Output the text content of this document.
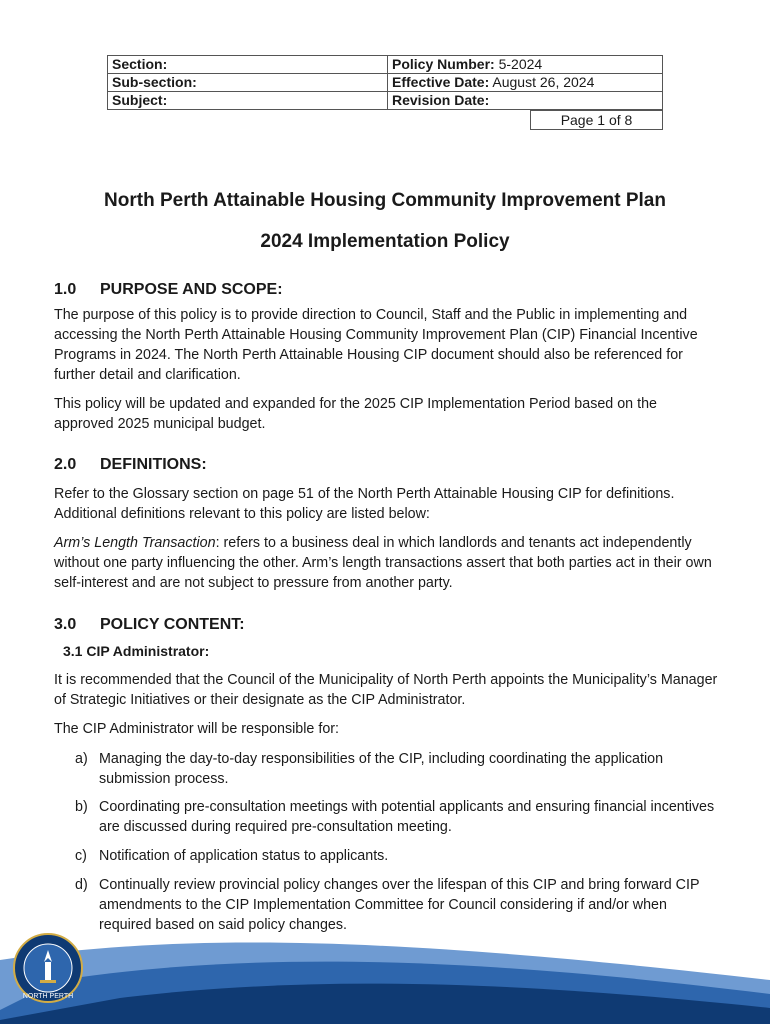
Section:	Policy Number: 5-2024
Sub-section:	Effective Date: August 26, 2024
Subject:	Revision Date:
Page 1 of 8
North Perth Attainable Housing Community Improvement Plan
2024 Implementation Policy
1.0 PURPOSE AND SCOPE:

The purpose of this policy is to provide direction to Council, Staff and the Public in implementing and accessing the North Perth Attainable Housing Community Improvement Plan (CIP) Financial Incentive Programs in 2024. The North Perth Attainable Housing CIP document should also be referenced for further detail and clarification.

This policy will be updated and expanded for the 2025 CIP Implementation Period based on the approved 2025 municipal budget.

2.0 DEFINITIONS:

Refer to the Glossary section on page 51 of the North Perth Attainable Housing CIP for definitions. Additional definitions relevant to this policy are listed below:

Arm’s Length Transaction: refers to a business deal in which landlords and tenants act independently without one party influencing the other. Arm’s length transactions assert that both parties act in their own self-interest and are not subject to pressure from another party.

3.0 POLICY CONTENT:
3.1 CIP Administrator:

It is recommended that the Council of the Municipality of North Perth appoints the Municipality’s Manager of Strategic Initiatives or their designate as the CIP Administrator.

The CIP Administrator will be responsible for:

a) Managing the day-to-day responsibilities of the CIP, including coordinating the application submission process.
b) Coordinating pre-consultation meetings with potential applicants and ensuring financial incentives are discussed during required pre-consultation meeting.
c) Notification of application status to applicants.
d) Continually review provincial policy changes over the lifespan of this CIP and bring forward CIP amendments to the CIP Implementation Committee for Council considering if and/or when required based on said policy changes.
NORTH PERTH
